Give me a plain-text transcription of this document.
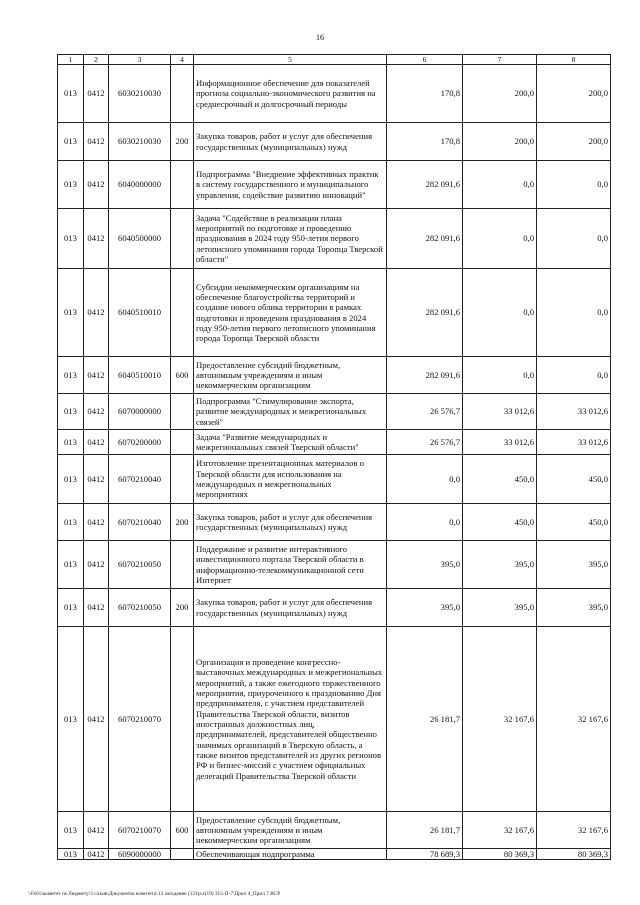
16
1	2	3	4	5	6	7	8
013	0412	6030210030		Информационное обеспечение для показателей прогноза социально-экономического развития на среднесрочный и долгосрочный периоды	170,8	200,0	200,0
013	0412	6030210030	200	Закупка товаров, работ и услуг для обеспечения государственных (муниципальных) нужд	170,8	200,0	200,0
013	0412	6040000000		Подпрограмма "Внедрение эффективных практик в систему государственного и муниципального управления, содействие развитию инноваций"	282 091,6	0,0	0,0
013	0412	6040500000		Задача "Содействие в реализации плана мероприятий по подготовке и проведению празднования в 2024 году 950-летия первого летописного упоминания города Торопца Тверской области"	282 091,6	0,0	0,0
013	0412	6040510010		Субсидии некоммерческим организациям на обеспечение благоустройства территорий и создание нового облика территории в рамках подготовки и проведения празднования в 2024 году 950-летия первого летописного упоминания города Торопца Тверской области	282 091,6	0,0	0,0
013	0412	6040510010	600	Предоставление субсидий бюджетным, автономным учреждениям и иным некоммерческим организациям	282 091,6	0,0	0,0
013	0412	6070000000		Подпрограмма "Стимулирование экспорта, развитие международных и межрегиональных связей"	26 576,7	33 012,6	33 012,6
013	0412	6070200000		Задача "Развитие международных и межрегиональных связей Тверской области"	26 576,7	33 012,6	33 012,6
013	0412	6070210040		Изготовление презентационных материалов о Тверской области для использования на международных и межрегиональных мероприятиях	0,0	450,0	450,0
013	0412	6070210040	200	Закупка товаров, работ и услуг для обеспечения государственных (муниципальных) нужд	0,0	450,0	450,0
013	0412	6070210050		Поддержание и развитие интерактивного инвестиционного портала Тверской области в информационно-телекоммуникационной сети Интернет	395,0	395,0	395,0
013	0412	6070210050	200	Закупка товаров, работ и услуг для обеспечения государственных (муниципальных) нужд	395,0	395,0	395,0
013	0412	6070210070		Организация и проведение конгрессно-выставочных международных и межрегиональных мероприятий, а также ежегодного торжественного мероприятия, приуроченного к празднованию Дня предпринимателя, с участием представителей Правительства Тверской области, визитов иностранных должностных лиц, предпринимателей, представителей общественно значимых организаций в Тверскую область, а также визитов представителей из других регионов РФ и бизнес-миссий с участием официальных делегаций Правительства Тверской области	26 181,7	32 167,6	32 167,6
013	0412	6070210070	600	Предоставление субсидий бюджетным, автономным учреждениям и иным некоммерческим организациям	26 181,7	32 167,6	32 167,6
013	0412	6090000000		Обеспечивающая подпрограмма	78 689,3	80 369,3	80 369,3
\\Fs01\комитет по бюджету\3 созыв\Документы комитета\13 заседание (12)\p\z(19) 315-П-7\Прил 4_Прил 7 ВСР
